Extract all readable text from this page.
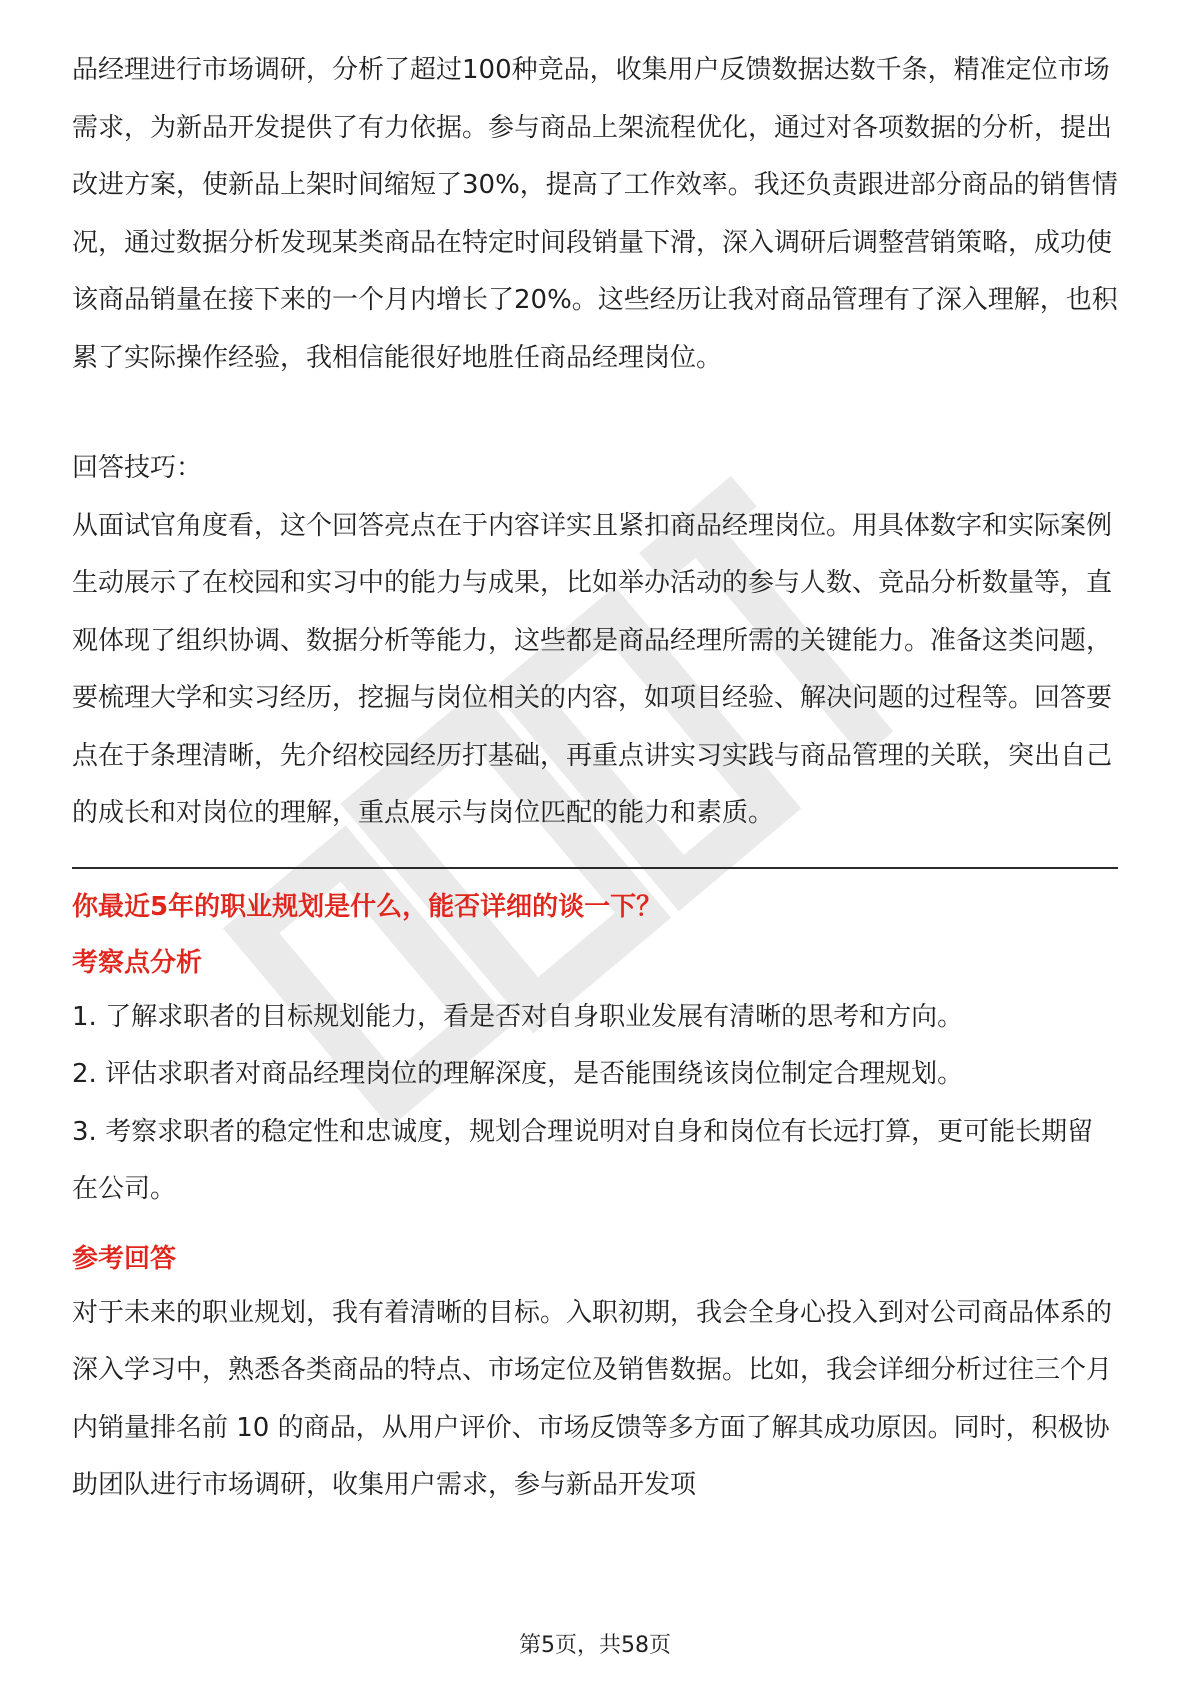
品经理进行市场调研，分析了超过100种竞品，收集用户反馈数据达数千条，精准定位市场需求，为新品开发提供了有力依据。参与商品上架流程优化，通过对各项数据的分析，提出改进方案，使新品上架时间缩短了30%，提高了工作效率。我还负责跟进部分商品的销售情况，通过数据分析发现某类商品在特定时间段销量下滑，深入调研后调整营销策略，成功使该商品销量在接下来的一个月内增长了20%。这些经历让我对商品管理有了深入理解，也积累了实际操作经验，我相信能很好地胜任商品经理岗位。

回答技巧：

从面试官角度看，这个回答亮点在于内容详实且紧扣商品经理岗位。用具体数字和实际案例生动展示了在校园和实习中的能力与成果，比如举办活动的参与人数、竞品分析数量等，直观体现了组织协调、数据分析等能力，这些都是商品经理所需的关键能力。准备这类问题，要梳理大学和实习经历，挖掘与岗位相关的内容，如项目经验、解决问题的过程等。回答要点在于条理清晰，先介绍校园经历打基础，再重点讲实习实践与商品管理的关联，突出自己的成长和对岗位的理解，重点展示与岗位匹配的能力和素质。

你最近5年的职业规划是什么，能否详细的谈一下？

考察点分析

1. 了解求职者的目标规划能力，看是否对自身职业发展有清晰的思考和方向。

2. 评估求职者对商品经理岗位的理解深度，是否能围绕该岗位制定合理规划。

3. 考察求职者的稳定性和忠诚度，规划合理说明对自身和岗位有长远打算，更可能长期留在公司。

参考回答

对于未来的职业规划，我有着清晰的目标。入职初期，我会全身心投入到对公司商品体系的深入学习中，熟悉各类商品的特点、市场定位及销售数据。比如，我会详细分析过往三个月内销量排名前 10 的商品，从用户评价、市场反馈等多方面了解其成功原因。同时，积极协助团队进行市场调研，收集用户需求，参与新品开发项

第5页，共58页
